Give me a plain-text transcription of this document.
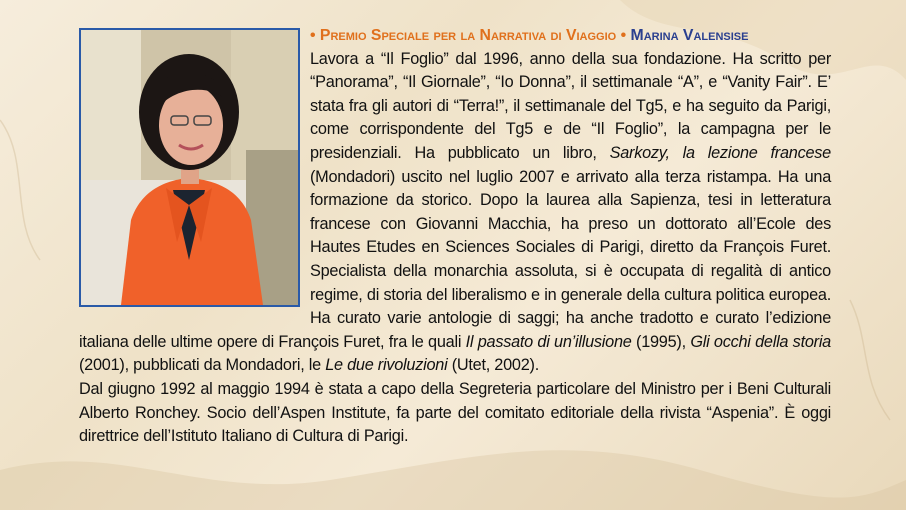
• Premio Speciale per la Narrativa di Viaggio • Marina Valensise
Lavora a “Il Foglio” dal 1996, anno della sua fondazione. Ha scritto per “Panorama”, “Il Giornale”, “Io Donna”, il settimanale “A”, e “Vanity Fair”. E’ stata fra gli autori di “Terra!”, il settimanale del Tg5, e ha seguito da Parigi, come corrispondente del Tg5 e de “Il Foglio”, la campagna per le presidenziali. Ha pubblicato un libro, Sarkozy, la lezione francese (Mondadori) uscito nel luglio 2007 e arrivato alla terza ristampa. Ha una formazione da storico. Dopo la laurea alla Sapienza, tesi in letteratura francese con Giovanni Macchia, ha preso un dottorato all’Ecole des Hautes Etudes en Sciences Sociales di Parigi, diretto da François Furet. Specialista della monarchia assoluta, si è occupata di regalità di antico regime, di storia del liberalismo e in generale della cultura politica europea. Ha curato varie antologie di saggi; ha anche tradotto e curato l’edizione italiana delle ultime opere di François Furet, fra le quali Il passato di un’illusione (1995), Gli occhi della storia (2001), pubblicati da Mondadori, le Le due rivoluzioni (Utet, 2002).

Dal giugno 1992 al maggio 1994 è stata a capo della Segreteria particolare del Ministro per i Beni Culturali Alberto Ronchey. Socio dell’Aspen Institute, fa parte del comitato editoriale della rivista “Aspenia”. È oggi direttrice dell’Istituto Italiano di Cultura di Parigi.
